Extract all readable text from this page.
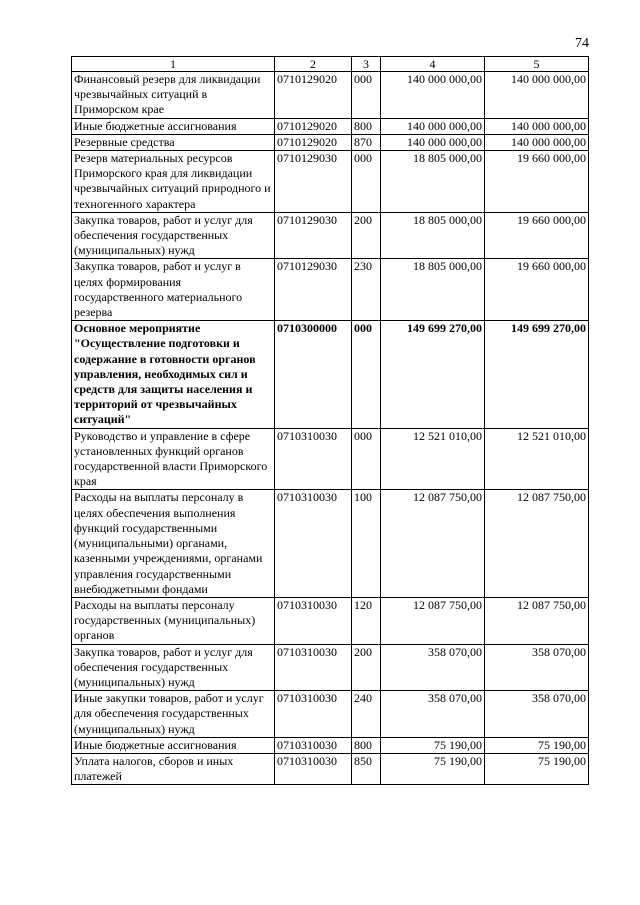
74
1	2	3	4	5
Финансовый резерв для ликвидации чрезвычайных ситуаций в Приморском крае	0710129020	000	140 000 000,00	140 000 000,00
Иные бюджетные ассигнования	0710129020	800	140 000 000,00	140 000 000,00
Резервные средства	0710129020	870	140 000 000,00	140 000 000,00
Резерв материальных ресурсов Приморского края для ликвидации чрезвычайных ситуаций природного и техногенного характера	0710129030	000	18 805 000,00	19 660 000,00
Закупка товаров, работ и услуг для обеспечения государственных (муниципальных) нужд	0710129030	200	18 805 000,00	19 660 000,00
Закупка товаров, работ и услуг в целях формирования государственного материального резерва	0710129030	230	18 805 000,00	19 660 000,00
Основное мероприятие "Осуществление подготовки и содержание в готовности органов управления, необходимых сил и средств для защиты населения и территорий от чрезвычайных ситуаций"	0710300000	000	149 699 270,00	149 699 270,00
Руководство и управление в сфере установленных функций органов государственной власти Приморского края	0710310030	000	12 521 010,00	12 521 010,00
Расходы на выплаты персоналу в целях обеспечения выполнения функций государственными (муниципальными) органами, казенными учреждениями, органами управления государственными внебюджетными фондами	0710310030	100	12 087 750,00	12 087 750,00
Расходы на выплаты персоналу государственных (муниципальных) органов	0710310030	120	12 087 750,00	12 087 750,00
Закупка товаров, работ и услуг для обеспечения государственных (муниципальных) нужд	0710310030	200	358 070,00	358 070,00
Иные закупки товаров, работ и услуг для обеспечения государственных (муниципальных) нужд	0710310030	240	358 070,00	358 070,00
Иные бюджетные ассигнования	0710310030	800	75 190,00	75 190,00
Уплата налогов, сборов и иных платежей	0710310030	850	75 190,00	75 190,00
